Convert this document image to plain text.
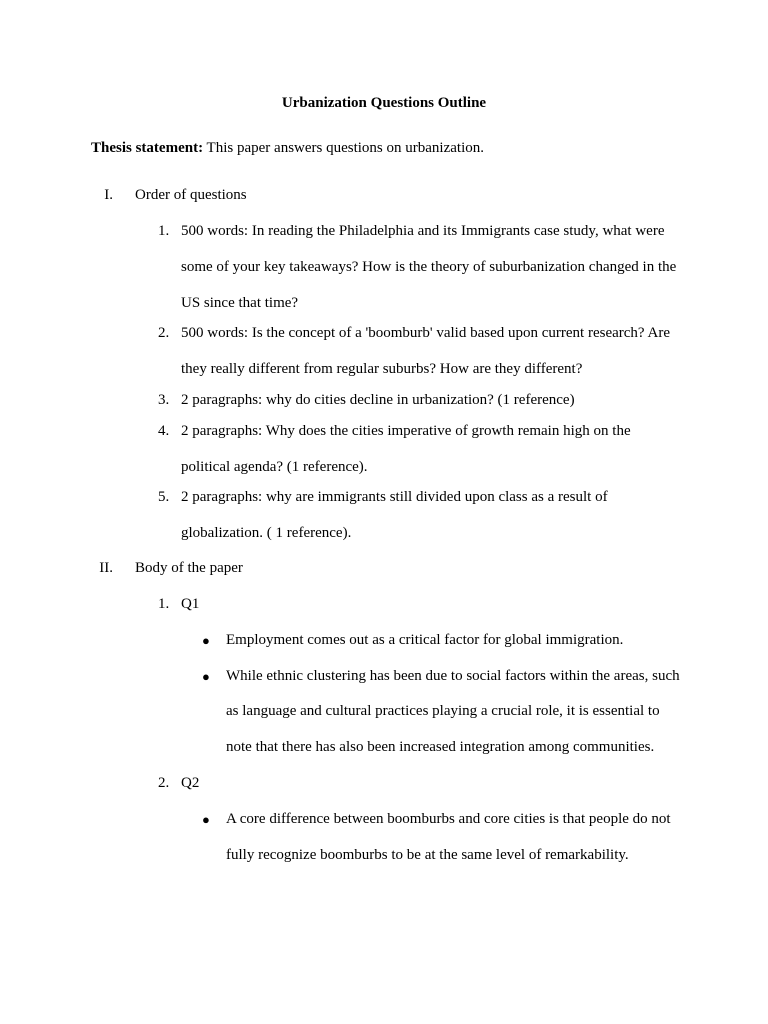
Urbanization Questions Outline
Thesis statement: This paper answers questions on urbanization.
I. Order of questions
1. 500 words: In reading the Philadelphia and its Immigrants case study, what were some of your key takeaways? How is the theory of suburbanization changed in the US since that time?
2. 500 words: Is the concept of a 'boomburb' valid based upon current research? Are they really different from regular suburbs? How are they different?
3. 2 paragraphs: why do cities decline in urbanization? (1 reference)
4. 2 paragraphs: Why does the cities imperative of growth remain high on the political agenda? (1 reference).
5. 2 paragraphs: why are immigrants still divided upon class as a result of globalization. ( 1 reference).
II. Body of the paper
1. Q1
● Employment comes out as a critical factor for global immigration.
● While ethnic clustering has been due to social factors within the areas, such as language and cultural practices playing a crucial role, it is essential to note that there has also been increased integration among communities.
2. Q2
● A core difference between boomburbs and core cities is that people do not fully recognize boomburbs to be at the same level of remarkability.
